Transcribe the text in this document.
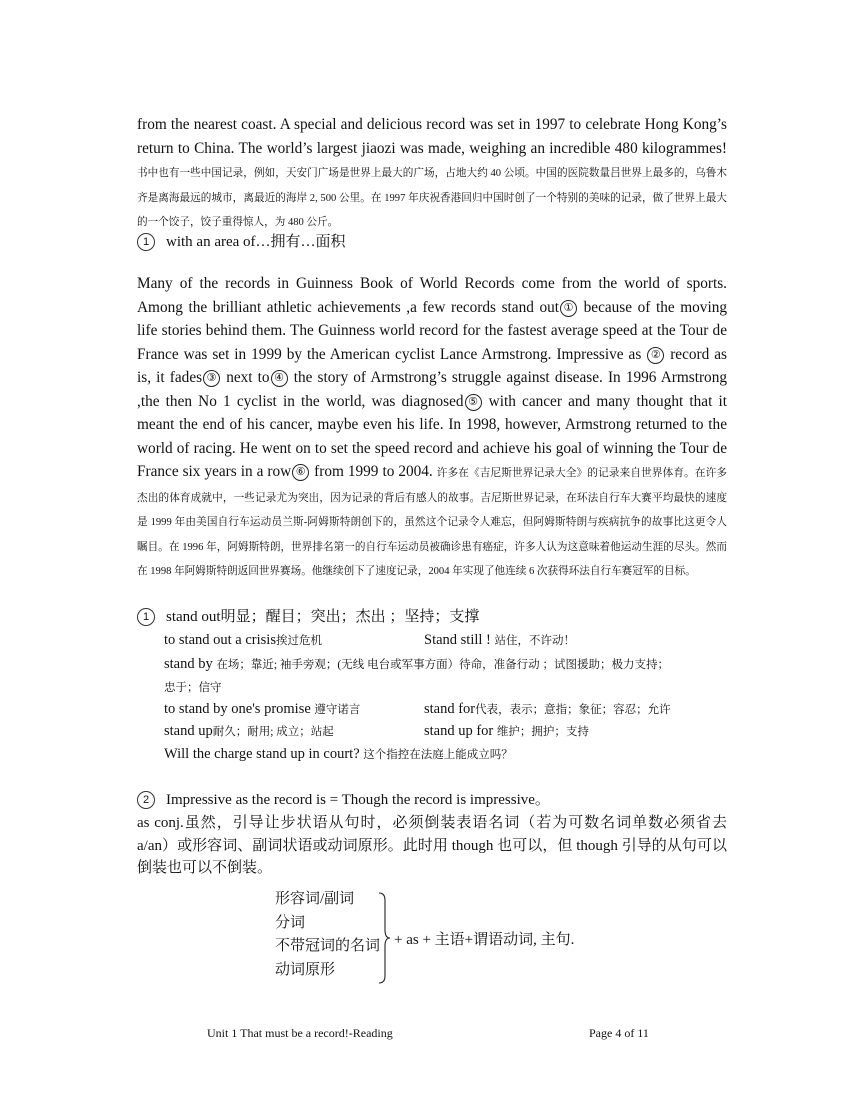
from the nearest coast. A special and delicious record was set in 1997 to celebrate Hong Kong’s return to China. The world’s largest jiaozi was made, weighing an incredible 480 kilogrammes!书中也有一些中国记录，例如，天安门广场是世界上最大的广场，占地大约 40 公顷。中国的医院数量吕世界上最多的，乌鲁木齐是离海最远的城市，离最近的海岸 2, 500 公里。在 1997 年庆祝香港回归中国时创了一个特别的美味的记录，做了世界上最大的一个饺子，饺子重得惊人，为 480 公斤。
1 with an area of…拥有…面积
Many of the records in Guinness Book of World Records come from the world of sports. Among the brilliant athletic achievements ,a few records stand out ① because of the moving life stories behind them. The Guinness world record for the fastest average speed at the Tour de France was set in 1999 by the American cyclist Lance Armstrong. Impressive as ② record as is, it fades ③ next to ④ the story of Armstrong’s struggle against disease. In 1996 Armstrong ,the then No 1 cyclist in the world, was diagnosed ⑤ with cancer and many thought that it meant the end of his cancer, maybe even his life. In 1998, however, Armstrong returned to the world of racing. He went on to set the speed record and achieve his goal of winning the Tour de France six years in a row ⑥ from 1999 to 2004. 许多在《吉尼斯世界记录大全》的记录来自世界体育。在许多杰出的体育成就中，一些记录尤为突出，因为记录的背后有感人的故事。吉尼斯世界记录，在环法自行车大赛平均最快的速度是 1999 年由美国自行车运动员兰斯-阿姆斯特朗创下的，虽然这个记录令人难忘，但阿姆斯特朗与疾病抗争的故事比这更令人瞩目。在 1996 年，阿姆斯特朗，世界排名第一的自行车运动员被确诊患有癌症，许多人认为这意味着他运动生涯的尽头。然而在 1998 年阿姆斯特朗返回世界赛场。他继续创下了速度记录，2004 年实现了他连续 6 次获得环法自行车赛冠军的目标。
1 stand out明显；醒目；突出；杰出 ；坚持；支撑
to stand out a crisis挨过危机	Stand still ! 站住，不许动！
stand by 在场；靠近; 袖手旁观；(无线 电台或军事方面）待命，准备行动 ；试图援助；极力支持；
忠于；信守
to stand by one's promise 遵守诺言	stand for代表，表示；意指；象征；容忍；允许
stand up耐久；耐用; 成立；站起	stand up for 维护；拥护；支持
Will the charge stand up in court? 这个指控在法庭上能成立吗？
2 Impressive as the record is = Though the record is impressive。
as conj.虽然，引导让步状语从句时，必须倒装表语名词（若为可数名词单数必须省去 a/an）或形容词、副词状语或动词原形。此时用 though 也可以，但 though 引导的从句可以倒装也可以不倒装。
形容词/副词
分词
不带冠词的名词
动词原形
+ as + 主语+谓语动词, 主句.
Unit 1 That must be a record!-Reading	Page 4 of 11
